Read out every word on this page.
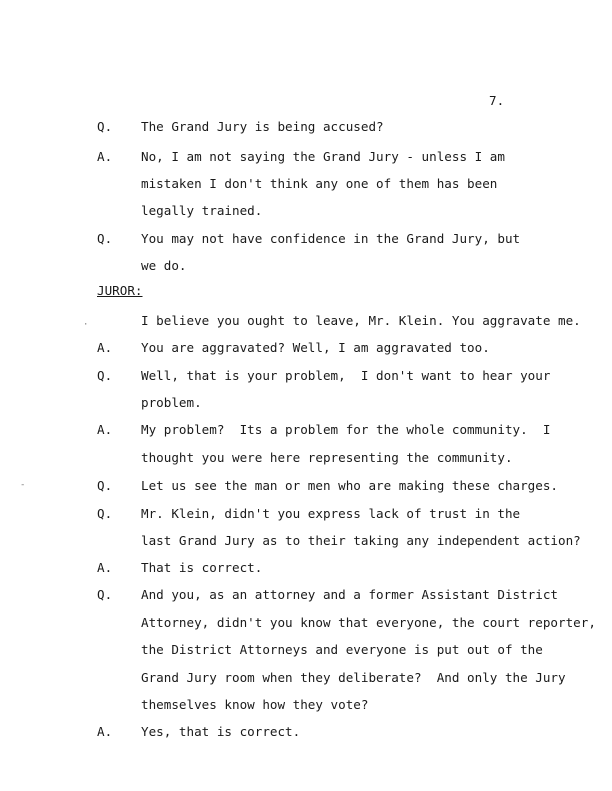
7.
JUROR:
Q. The Grand Jury is being accused?
A. No, I am not saying the Grand Jury - unless I am
mistaken I don't think any one of them has been
legally trained.
Q. You may not have confidence in the Grand Jury, but
we do.
I believe you ought to leave, Mr. Klein. You aggravate me.
A. You are aggravated? Well, I am aggravated too.
Q. Well, that is your problem,  I don't want to hear your
problem.
A. My problem?  Its a problem for the whole community.  I
thought you were here representing the community.
Q. Let us see the man or men who are making these charges.
Q. Mr. Klein, didn't you express lack of trust in the
last Grand Jury as to their taking any independent action?
A. That is correct.
Q. And you, as an attorney and a former Assistant District
Attorney, didn't you know that everyone, the court reporter,
the District Attorneys and everyone is put out of the
Grand Jury room when they deliberate?  And only the Jury
themselves know how they vote?
A. Yes, that is correct.
·
-
